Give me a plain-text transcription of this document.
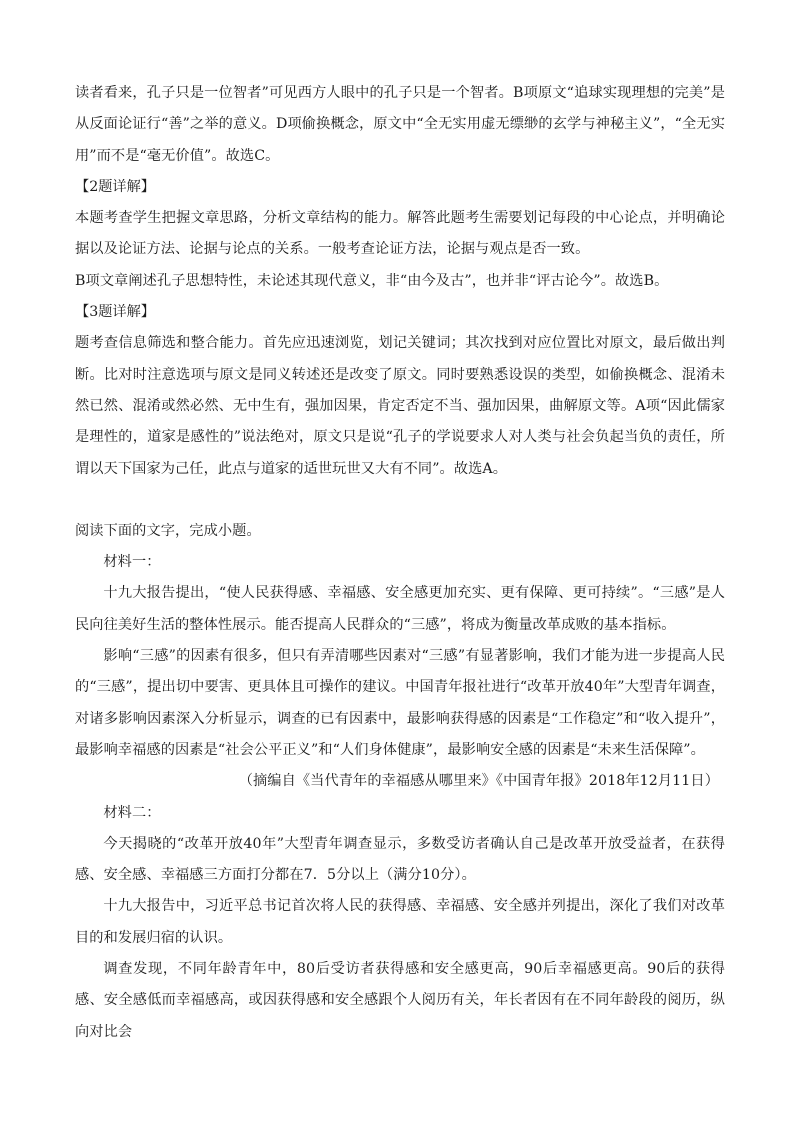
读者看来，孔子只是一位智者”可见西方人眼中的孔子只是一个智者。B项原文“追球实现理想的完美”是从反面论证行“善”之举的意义。D项偷换概念，原文中“全无实用虚无缥缈的玄学与神秘主义”，“全无实用”而不是“毫无价值”。故选C。

【2题详解】

本题考查学生把握文章思路，分析文章结构的能力。解答此题考生需要划记每段的中心论点，并明确论据以及论证方法、论据与论点的关系。一般考查论证方法，论据与观点是否一致。

B项文章阐述孔子思想特性，未论述其现代意义，非“由今及古”，也并非“评古论今”。故选B。

【3题详解】

题考查信息筛选和整合能力。首先应迅速浏览，划记关键词；其次找到对应位置比对原文，最后做出判断。比对时注意选项与原文是同义转述还是改变了原文。同时要熟悉设误的类型，如偷换概念、混淆未然已然、混淆或然必然、无中生有，强加因果，肯定否定不当、强加因果，曲解原文等。A项“因此儒家是理性的，道家是感性的”说法绝对，原文只是说“孔子的学说要求人对人类与社会负起当负的责任，所谓以天下国家为己任，此点与道家的适世玩世又大有不同”。故选A。

阅读下面的文字，完成小题。

材料一：

十九大报告提出，“使人民获得感、幸福感、安全感更加充实、更有保障、更可持续”。“三感”是人民向往美好生活的整体性展示。能否提高人民群众的“三感”，将成为衡量改革成败的基本指标。

影响“三感”的因素有很多，但只有弄清哪些因素对“三感”有显著影响，我们才能为进一步提高人民的“三感”，提出切中要害、更具体且可操作的建议。中国青年报社进行“改革开放40年”大型青年调查，对诸多影响因素深入分析显示，调查的已有因素中，最影响获得感的因素是“工作稳定”和“收入提升”，最影响幸福感的因素是“社会公平正义”和“人们身体健康”，最影响安全感的因素是“未来生活保障”。

（摘编自《当代青年的幸福感从哪里来》《中国青年报》2018年12月11日）

材料二：

今天揭晓的“改革开放40年”大型青年调查显示，多数受访者确认自己是改革开放受益者，在获得感、安全感、幸福感三方面打分都在7．5分以上（满分10分）。

十九大报告中，习近平总书记首次将人民的获得感、幸福感、安全感并列提出，深化了我们对改革目的和发展归宿的认识。

调查发现，不同年龄青年中，80后受访者获得感和安全感更高，90后幸福感更高。90后的获得感、安全感低而幸福感高，或因获得感和安全感跟个人阅历有关，年长者因有在不同年龄段的阅历，纵向对比会
